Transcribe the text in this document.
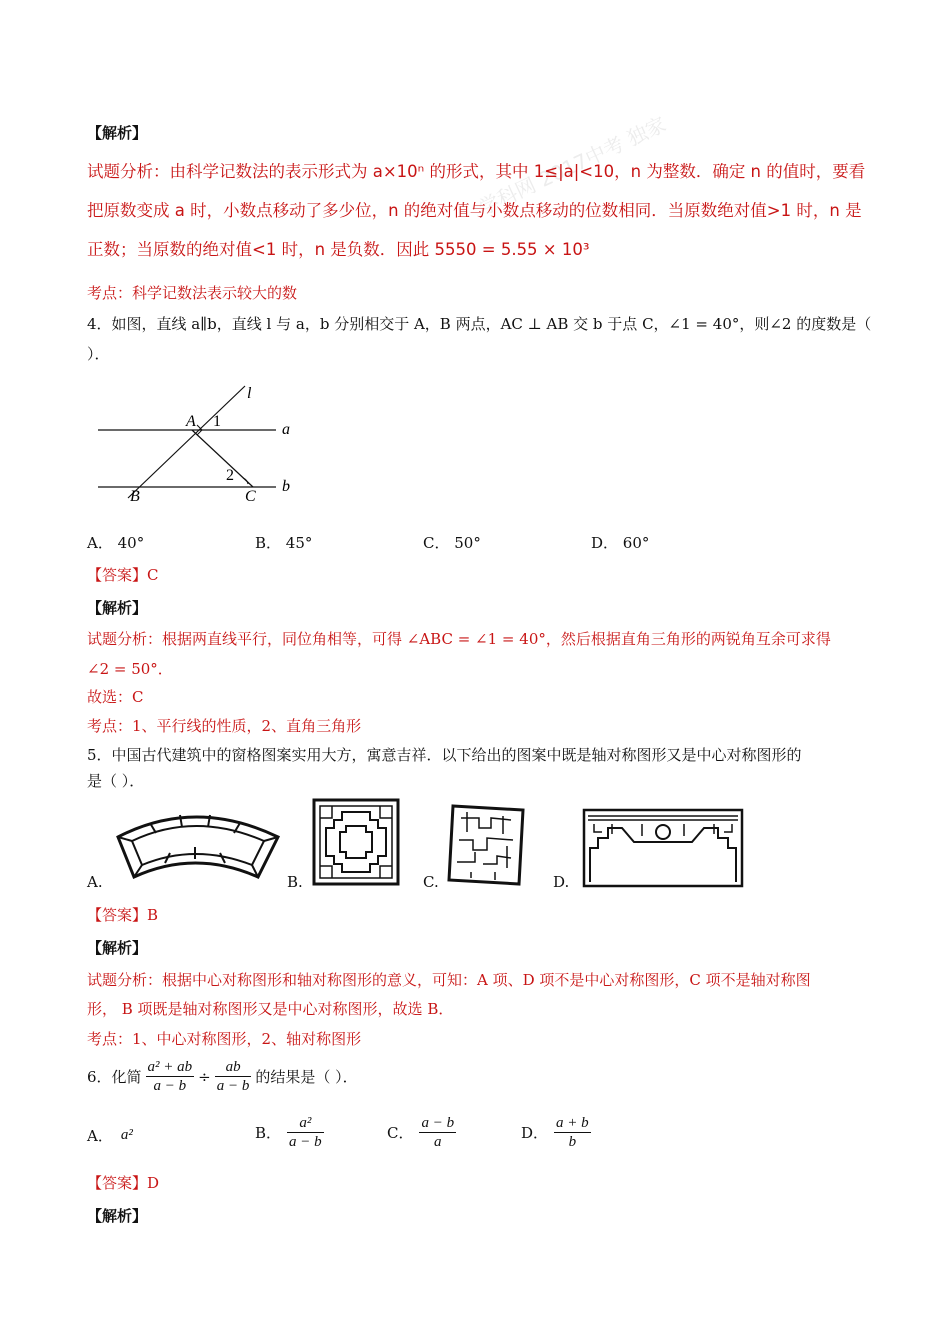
学科网 2017中考 独家
【解析】
试题分析：由科学记数法的表示形式为 a×10ⁿ 的形式，其中 1≤|a|<10，n 为整数．确定 n 的值时，要看
把原数变成 a 时，小数点移动了多少位，n 的绝对值与小数点移动的位数相同．当原数绝对值>1 时，n 是
正数；当原数的绝对值<1 时，n 是负数．因此 5550 = 5.55 × 10³
考点：科学记数法表示较大的数
4．如图，直线 a∥b，直线 l 与 a，b 分别相交于 A，B 两点，AC ⊥ AB 交 b 于点 C，∠1 = 40°，则∠2 的度数是（
）．
l
a
b
A
B	C
1
2
A． 40°	B． 45°	C． 50°	D． 60°
【答案】C
【解析】
试题分析：根据两直线平行，同位角相等，可得 ∠ABC = ∠1 = 40°，然后根据直角三角形的两锐角互余可求得
∠2 = 50°．
故选：C
考点：1、平行线的性质，2、直角三角形
5．中国古代建筑中的窗格图案实用大方，寓意吉祥．以下给出的图案中既是轴对称图形又是中心对称图形的
是（ ）．
A.	B.	C.	D.
【答案】B
【解析】
试题分析：根据中心对称图形和轴对称图形的意义，可知：A 项、D 项不是中心对称图形，C 项不是轴对称图
形， B 项既是轴对称图形又是中心对称图形，故选 B．
考点：1、中心对称图形，2、轴对称图形
6．化简 $\frac{\text{a² + ab}}{a - b} \div \frac{ab}{a - b}$ 的结果是（ ）．
A． a²	B． $\frac{\text{a²}}{a - b}$	C． $\frac{a - b}{a}$	D． $\frac{a + b}{b}$
【答案】D
【解析】
